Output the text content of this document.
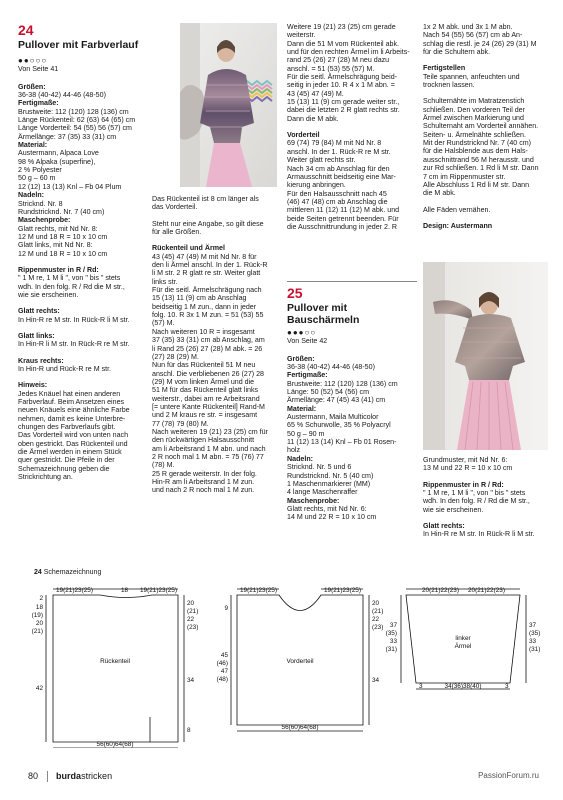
24
Pullover mit Farbverlauf
●●○○○

Von Seite 41

Größen:

36-38 (40-42) 44-46 (48-50)

Fertigmaße:

Brustweite: 112 (120) 128 (136) cm

Länge Rückenteil: 62 (63) 64 (65) cm

Länge Vorderteil: 54 (55) 56 (57) cm

Ärmellänge: 37 (35) 33 (31) cm

Material:

Austermann, Alpaca Love

98 % Alpaka (superfine),

2 % Polyester

50 g – 60 m

12 (12) 13 (13) Knl – Fb 04 Plum

Nadeln:

Stricknd. Nr. 8

Rundstricknd. Nr. 7 (40 cm)

Maschenprobe:

Glatt rechts, mit Nd Nr. 8:

12 M und 18 R = 10 x 10 cm

Glatt links, mit Nd Nr. 8:

12 M und 18 R = 10 x 10 cm

Rippenmuster in R / Rd:

" 1 M re, 1 M li ", von " bis " stets

wdh. In den folg. R / Rd die M str.,

wie sie erscheinen.

Glatt rechts:

In Hin-R re M str. In Rück-R li M str.

Glatt links:

In Hin-R li M str. In Rück-R re M str.

Kraus rechts:

In Hin-R und Rück-R re M str.

Hinweis:

Jedes Knäuel hat einen anderen

Farbverlauf. Beim Ansetzen eines

neuen Knäuels eine ähnliche Farbe

nehmen, damit es keine Unterbre-

chungen des Farbverlaufs gibt.

Das Vorderteil wird von unten nach

oben gestrickt. Das Rückenteil und

die Ärmel werden in einem Stück

quer gestrickt. Die Pfeile in der

Schemazeichnung geben die

Strickrichtung an.

Das Rückenteil ist 8 cm länger als

das Vorderteil.

Steht nur eine Angabe, so gilt diese

für alle Größen.

Rückenteil und Ärmel

43 (45) 47 (49) M mit Nd Nr. 8 für

den li Ärmel anschl. In der 1. Rück-R

li M str. 2 R glatt re str. Weiter glatt

links str.

Für die seitl. Ärmelschrägung nach

15 (13) 11 (9) cm ab Anschlag

beidseitig 1 M zun., dann in jeder

folg. 10. R 3x 1 M zun. = 51 (53) 55

(57) M.

Nach weiteren 10 R = insgesamt

37 (35) 33 (31) cm ab Anschlag, am

li Rand 25 (26) 27 (28) M abk. = 26

(27) 28 (29) M.

Nun für das Rückenteil 51 M neu

anschl. Die verbliebenen 26 (27) 28

(29) M vom linken Ärmel und die

51 M für das Rückenteil glatt links

weiterstr., dabei am re Arbeitsrand

[= untere Kante Rückenteil] Rand-M

und 2 M kraus re str. = insgesamt

77 (78) 79 (80) M.

Nach weiteren 19 (21) 23 (25) cm für

den rückwärtigen Halsausschnitt

am li Arbeitsrand 1 M abn. und nach

2 R noch mal 1 M abn. = 75 (76) 77

(78) M.

25 R gerade weiterstr. In der folg.

Hin-R am li Arbeitsrand 1 M zun.

und nach 2 R noch mal 1 M zun.

Weitere 19 (21) 23 (25) cm gerade

weiterstr.

Dann die 51 M vom Rückenteil abk.

und für den rechten Ärmel im li Arbeits-

rand 25 (26) 27 (28) M neu dazu

anschl. = 51 (53) 55 (57) M.

Für die seitl. Ärmelschrägung beid-

seitig in jeder 10. R 4 x 1 M abn. =

43 (45) 47 (49) M.

15 (13) 11 (9) cm gerade weiter str.,

dabei die letzten 2 R glatt rechts str.

Dann die M abk.

Vorderteil

69 (74) 79 (84) M mit Nd Nr. 8

anschl. In der 1. Rück-R re M str.

Weiter glatt rechts str.

Nach 34 cm ab Anschlag für den

Armausschnitt beidseitig eine Mar-

kierung anbringen.

Für den Halsausschnitt nach 45

(46) 47 (48) cm ab Anschlag die

mittleren 11 (12) 11 (12) M abk. und

beide Seiten getrennt beenden. Für

die Ausschnittrundung in jeder 2. R

1x 2 M abk. und 3x 1 M abn.

Nach 54 (55) 56 (57) cm ab An-

schlag die restl. je 24 (26) 29 (31) M

für die Schultern abk.

Fertigstellen

Teile spannen, anfeuchten und

trocknen lassen.

Schulternähte im Matratzenstich

schließen. Den vorderen Teil der

Ärmel zwischen Markierung und

Schulternaht am Vorderteil annähen.

Seiten- u. Ärmelnähte schließen.

Mit der Rundstricknd Nr. 7 (40 cm)

für die Halsblende aus dem Hals-

ausschnittrand 56 M herausstr. und

zur Rd schließen. 1 Rd li M str. Dann

7 cm im Rippenmuster str.

Alle Abschluss 1 Rd li M str. Dann

die M abk.

Alle Fäden vernähen.

Design: Austermann

25
Pullover mit
Bauschärmeln
●●●○○

Von Seite 42

Größen:

36-38 (40-42) 44-46 (48-50)

Fertigmaße:

Brustweite: 112 (120) 128 (136) cm

Länge: 50 (52) 54 (56) cm

Ärmellänge: 47 (45) 43 (41) cm

Material:

Austermann, Maila Multicolor

65 % Schurwolle, 35 % Polyacryl

50 g – 90 m

11 (12) 13 (14) Knl – Fb 01 Rosen-

holz

Nadeln:

Stricknd. Nr. 5 und 6

Rundstricknd. Nr. 5 (40 cm)

1 Maschenmarkierer (MM)

4 lange Maschenraffer

Maschenprobe:

Glatt rechts, mit Nd Nr. 6:

14 M und 22 R = 10 x 10 cm

Grundmuster, mit Nd Nr. 6:

13 M und 22 R = 10 x 10 cm

Rippenmuster in R / Rd:

" 1 M re, 1 M li ", von " bis " stets

wdh. In den folg. R / Rd die M str.,

wie sie erscheinen.

Glatt rechts:

In Hin-R re M str. In Rück-R li M str.

24 Schemazeichnung
19(21)23(25)	18 19(21)23(25)
2
18
(19)
20
(21)
42
20
(21)
22
(23)
34
8
Rückenteil
56(60)64(68)
19(21)23(25)	19(21)23(25)
9
45
(46)
47
(48)
20
(21)
22
(23)
34
Vorderteil
56(60)64(68)
20(21)22(23) 20(21)22(23)
37
(35)
33
(31)
37
(35)
33
(31)
linker
Ärmel
3	34(36)38(40)	3
80 burdastricken	PassionForum.ru
